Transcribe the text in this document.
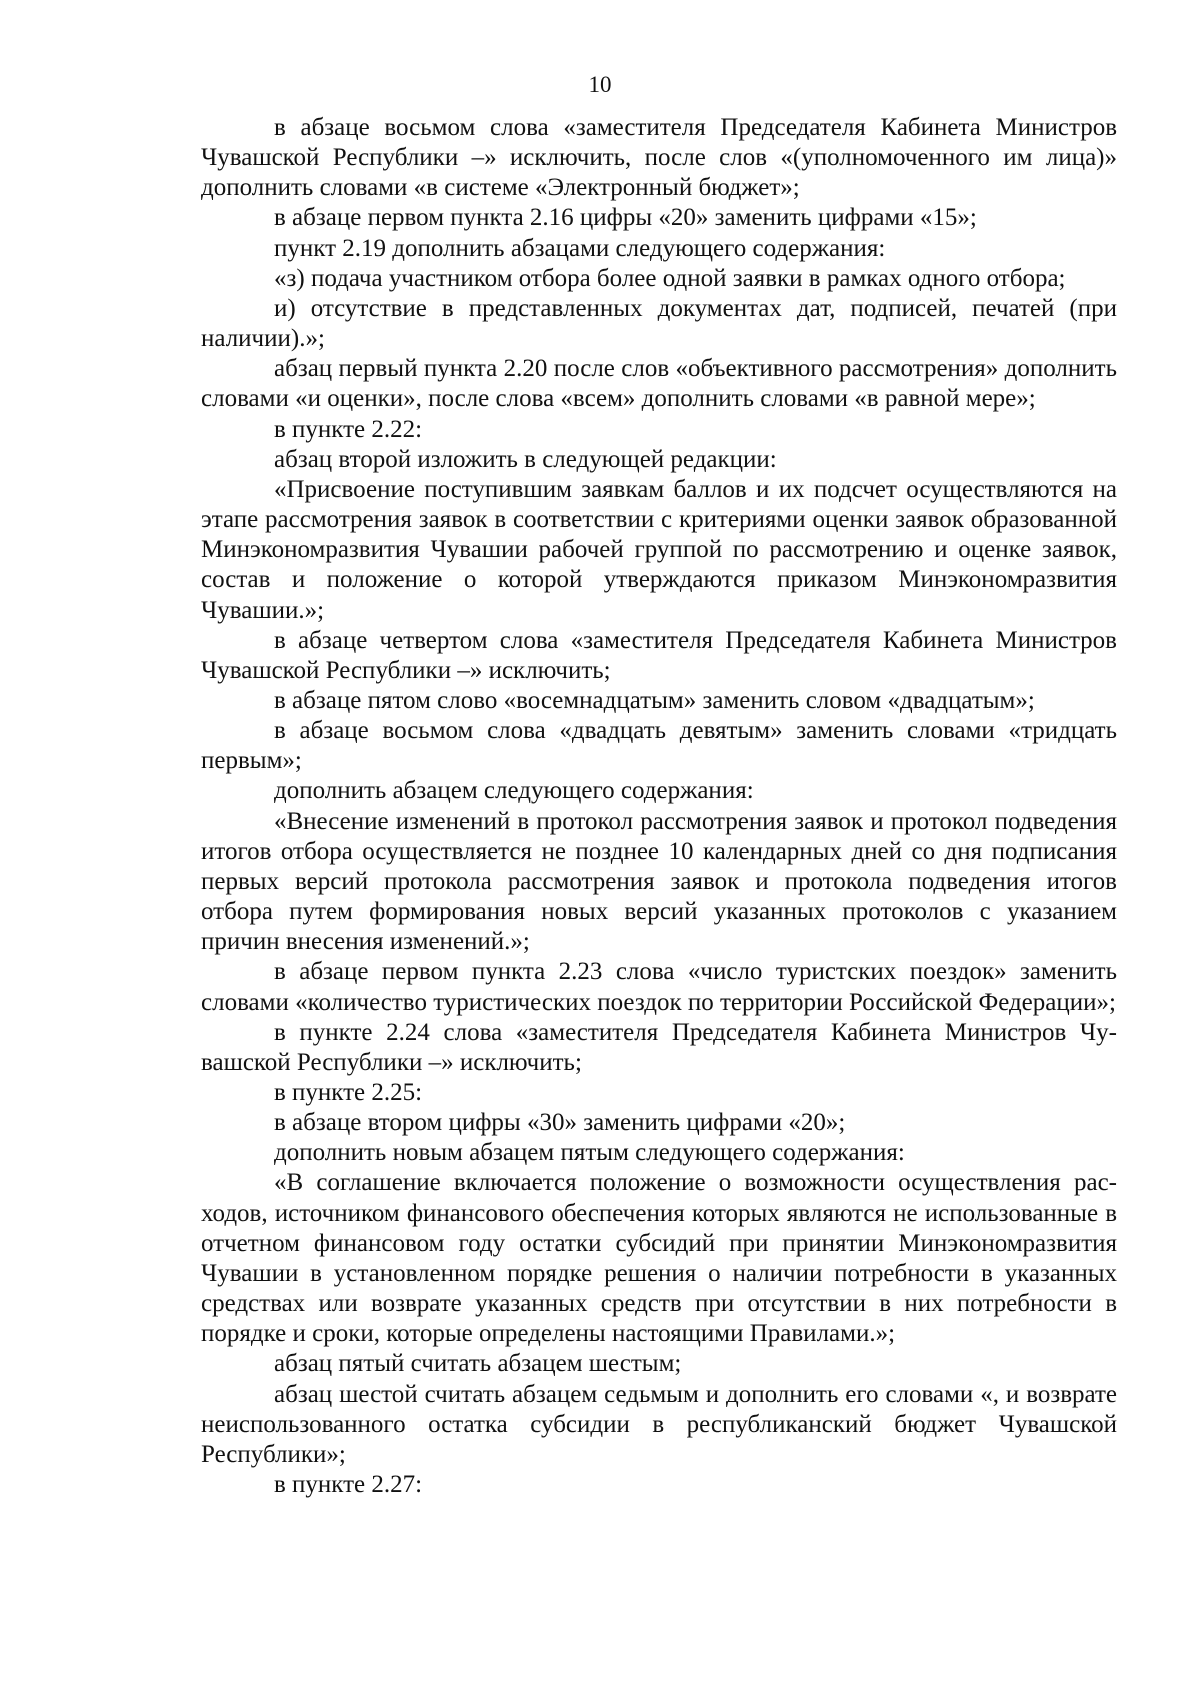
10

в абзаце восьмом слова «заместителя Председателя Кабинета Министров Чувашской Республики –» исключить, после слов «(уполномоченного им лица)» дополнить словами «в системе «Электронный бюджет»;

в абзаце первом пункта 2.16 цифры «20» заменить цифрами «15»;

пункт 2.19 дополнить абзацами следующего содержания:

«з) подача участником отбора более одной заявки в рамках одного отбора;

и) отсутствие в представленных документах дат, подписей, печатей (при наличии).»;

абзац первый пункта 2.20 после слов «объективного рассмотрения» дополнить словами «и оценки», после слова «всем» дополнить словами «в равной мере»;

в пункте 2.22:

абзац второй изложить в следующей редакции:

«Присвоение поступившим заявкам баллов и их подсчет осуществляются на этапе рассмотрения заявок в соответствии с критериями оценки заявок образованной Минэкономразвития Чувашии рабочей группой по рассмотрению и оценке заявок, состав и положение о которой утверждаются приказом Минэкономразвития Чувашии.»;

в абзаце четвертом слова «заместителя Председателя Кабинета Министров Чувашской Республики –» исключить;

в абзаце пятом слово «восемнадцатым» заменить словом «двадцатым»;

в абзаце восьмом слова «двадцать девятым» заменить словами «тридцать первым»;

дополнить абзацем следующего содержания:

«Внесение изменений в протокол рассмотрения заявок и протокол подведения итогов отбора осуществляется не позднее 10 календарных дней со дня подписания первых версий протокола рассмотрения заявок и протокола подведения итогов отбора путем формирования новых версий указанных протоколов с указанием причин внесения изменений.»;

в абзаце первом пункта 2.23 слова «число туристских поездок» заменить словами «количество туристических поездок по территории Российской Федерации»;

в пункте 2.24 слова «заместителя Председателя Кабинета Министров Чувашской Республики –» исключить;

в пункте 2.25:

в абзаце втором цифры «30» заменить цифрами «20»;

дополнить новым абзацем пятым следующего содержания:

«В соглашение включается положение о возможности осуществления расходов, источником финансового обеспечения которых являются не использованные в отчетном финансовом году остатки субсидий при принятии Минэкономразвития Чувашии в установленном порядке решения о наличии потребности в указанных средствах или возврате указанных средств при отсутствии в них потребности в порядке и сроки, которые определены настоящими Правилами.»;

абзац пятый считать абзацем шестым;

абзац шестой считать абзацем седьмым и дополнить его словами «, и возврате неиспользованного остатка субсидии в республиканский бюджет Чувашской Республики»;

в пункте 2.27:
